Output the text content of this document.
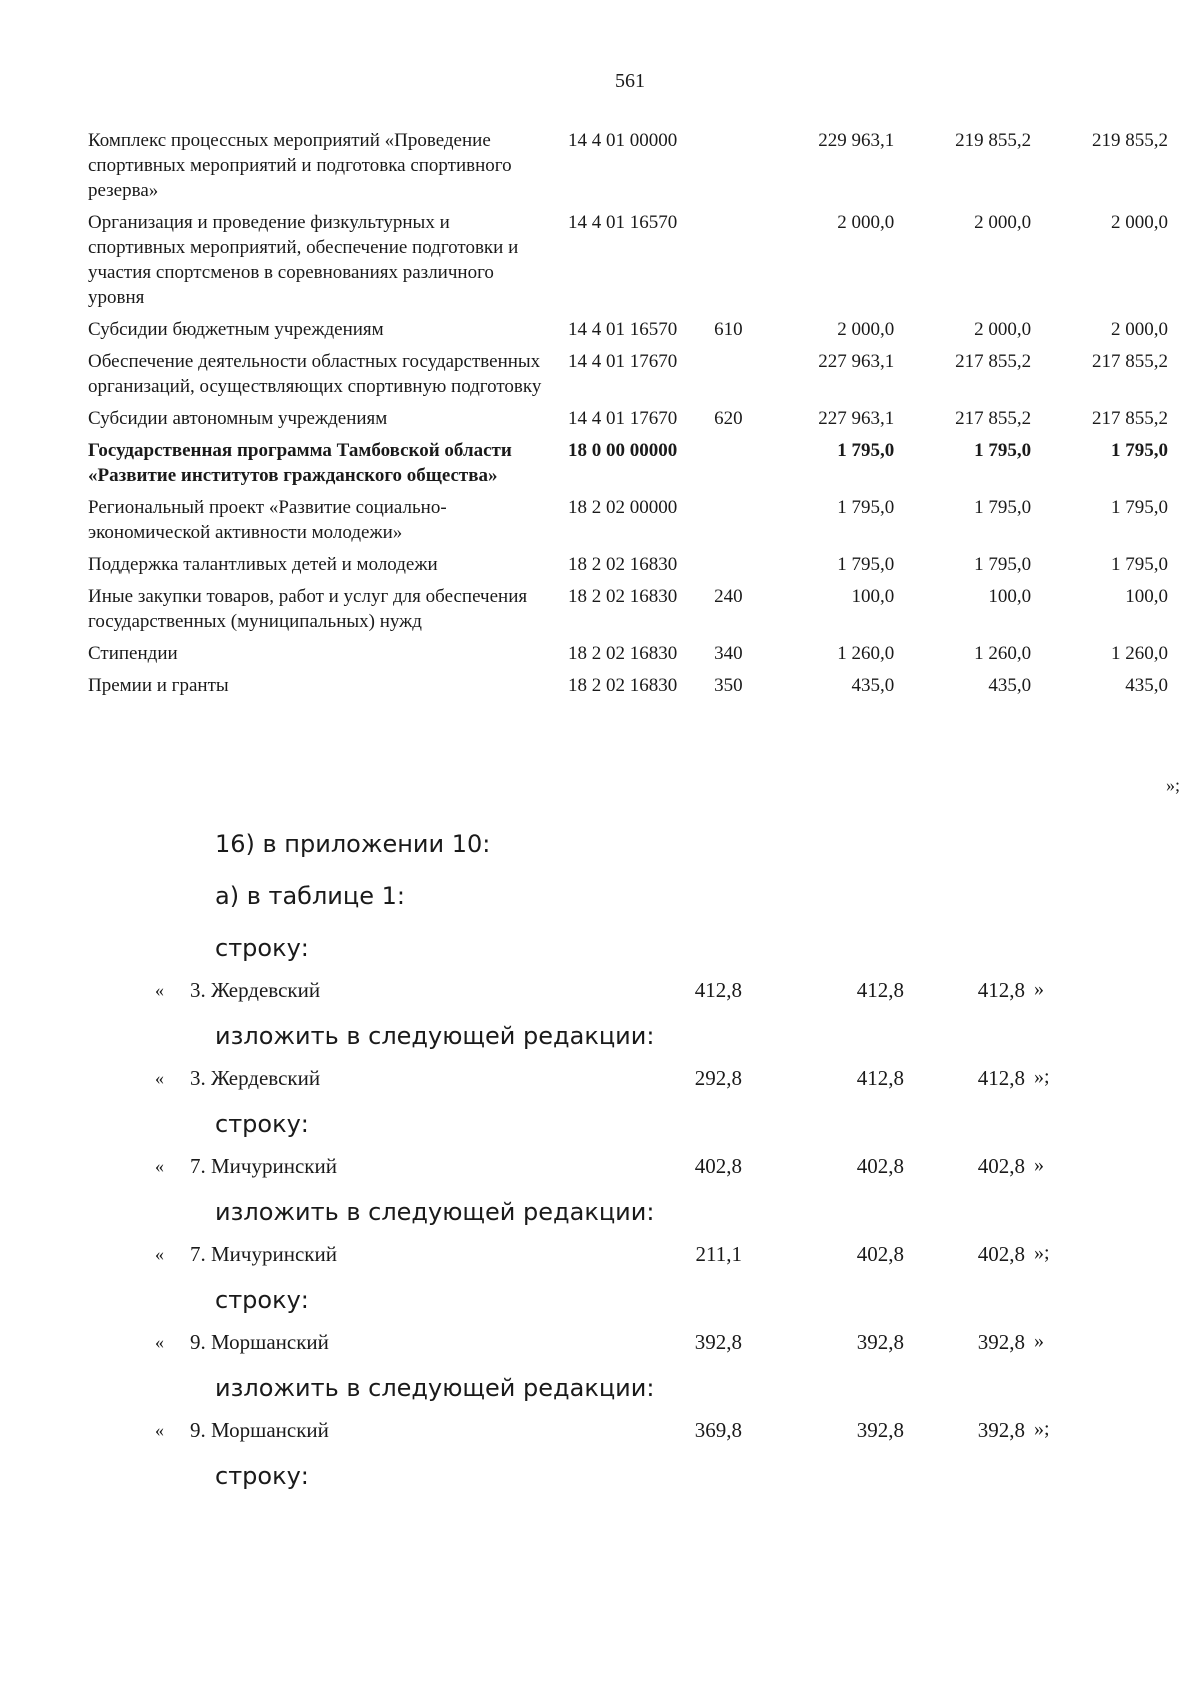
561
Комплекс процессных мероприятий «Проведение спортивных мероприятий и подготовка спортивного резерва»	14 4 01 00000		229 963,1	219 855,2	219 855,2
Организация и проведение физкультурных и спортивных мероприятий, обеспечение подготовки и участия спортсменов в соревнованиях различного уровня	14 4 01 16570		2 000,0	2 000,0	2 000,0
Субсидии бюджетным учреждениям	14 4 01 16570	610	2 000,0	2 000,0	2 000,0
Обеспечение деятельности областных государственных организаций, осуществляющих спортивную подготовку	14 4 01 17670		227 963,1	217 855,2	217 855,2
Субсидии автономным учреждениям	14 4 01 17670	620	227 963,1	217 855,2	217 855,2
Государственная программа Тамбовской области «Развитие институтов гражданского общества»	18 0 00 00000		1 795,0	1 795,0	1 795,0
Региональный проект «Развитие социально-экономической активности молодежи»	18 2 02 00000		1 795,0	1 795,0	1 795,0
Поддержка талантливых детей и молодежи	18 2 02 16830		1 795,0	1 795,0	1 795,0
Иные закупки товаров, работ и услуг для обеспечения государственных (муниципальных) нужд	18 2 02 16830	240	100,0	100,0	100,0
Стипендии	18 2 02 16830	340	1 260,0	1 260,0	1 260,0
Премии и гранты	18 2 02 16830	350	435,0	435,0	435,0
»;
16) в приложении 10:
а) в таблице 1:
строку:
« 3. Жердевский	412,8	412,8	412,8 »
изложить в следующей редакции:
« 3. Жердевский	292,8	412,8	412,8 »;
строку:
« 7. Мичуринский	402,8	402,8	402,8 »
изложить в следующей редакции:
« 7. Мичуринский	211,1	402,8	402,8 »;
строку:
« 9. Моршанский	392,8	392,8	392,8 »
изложить в следующей редакции:
« 9. Моршанский	369,8	392,8	392,8 »;
строку:
